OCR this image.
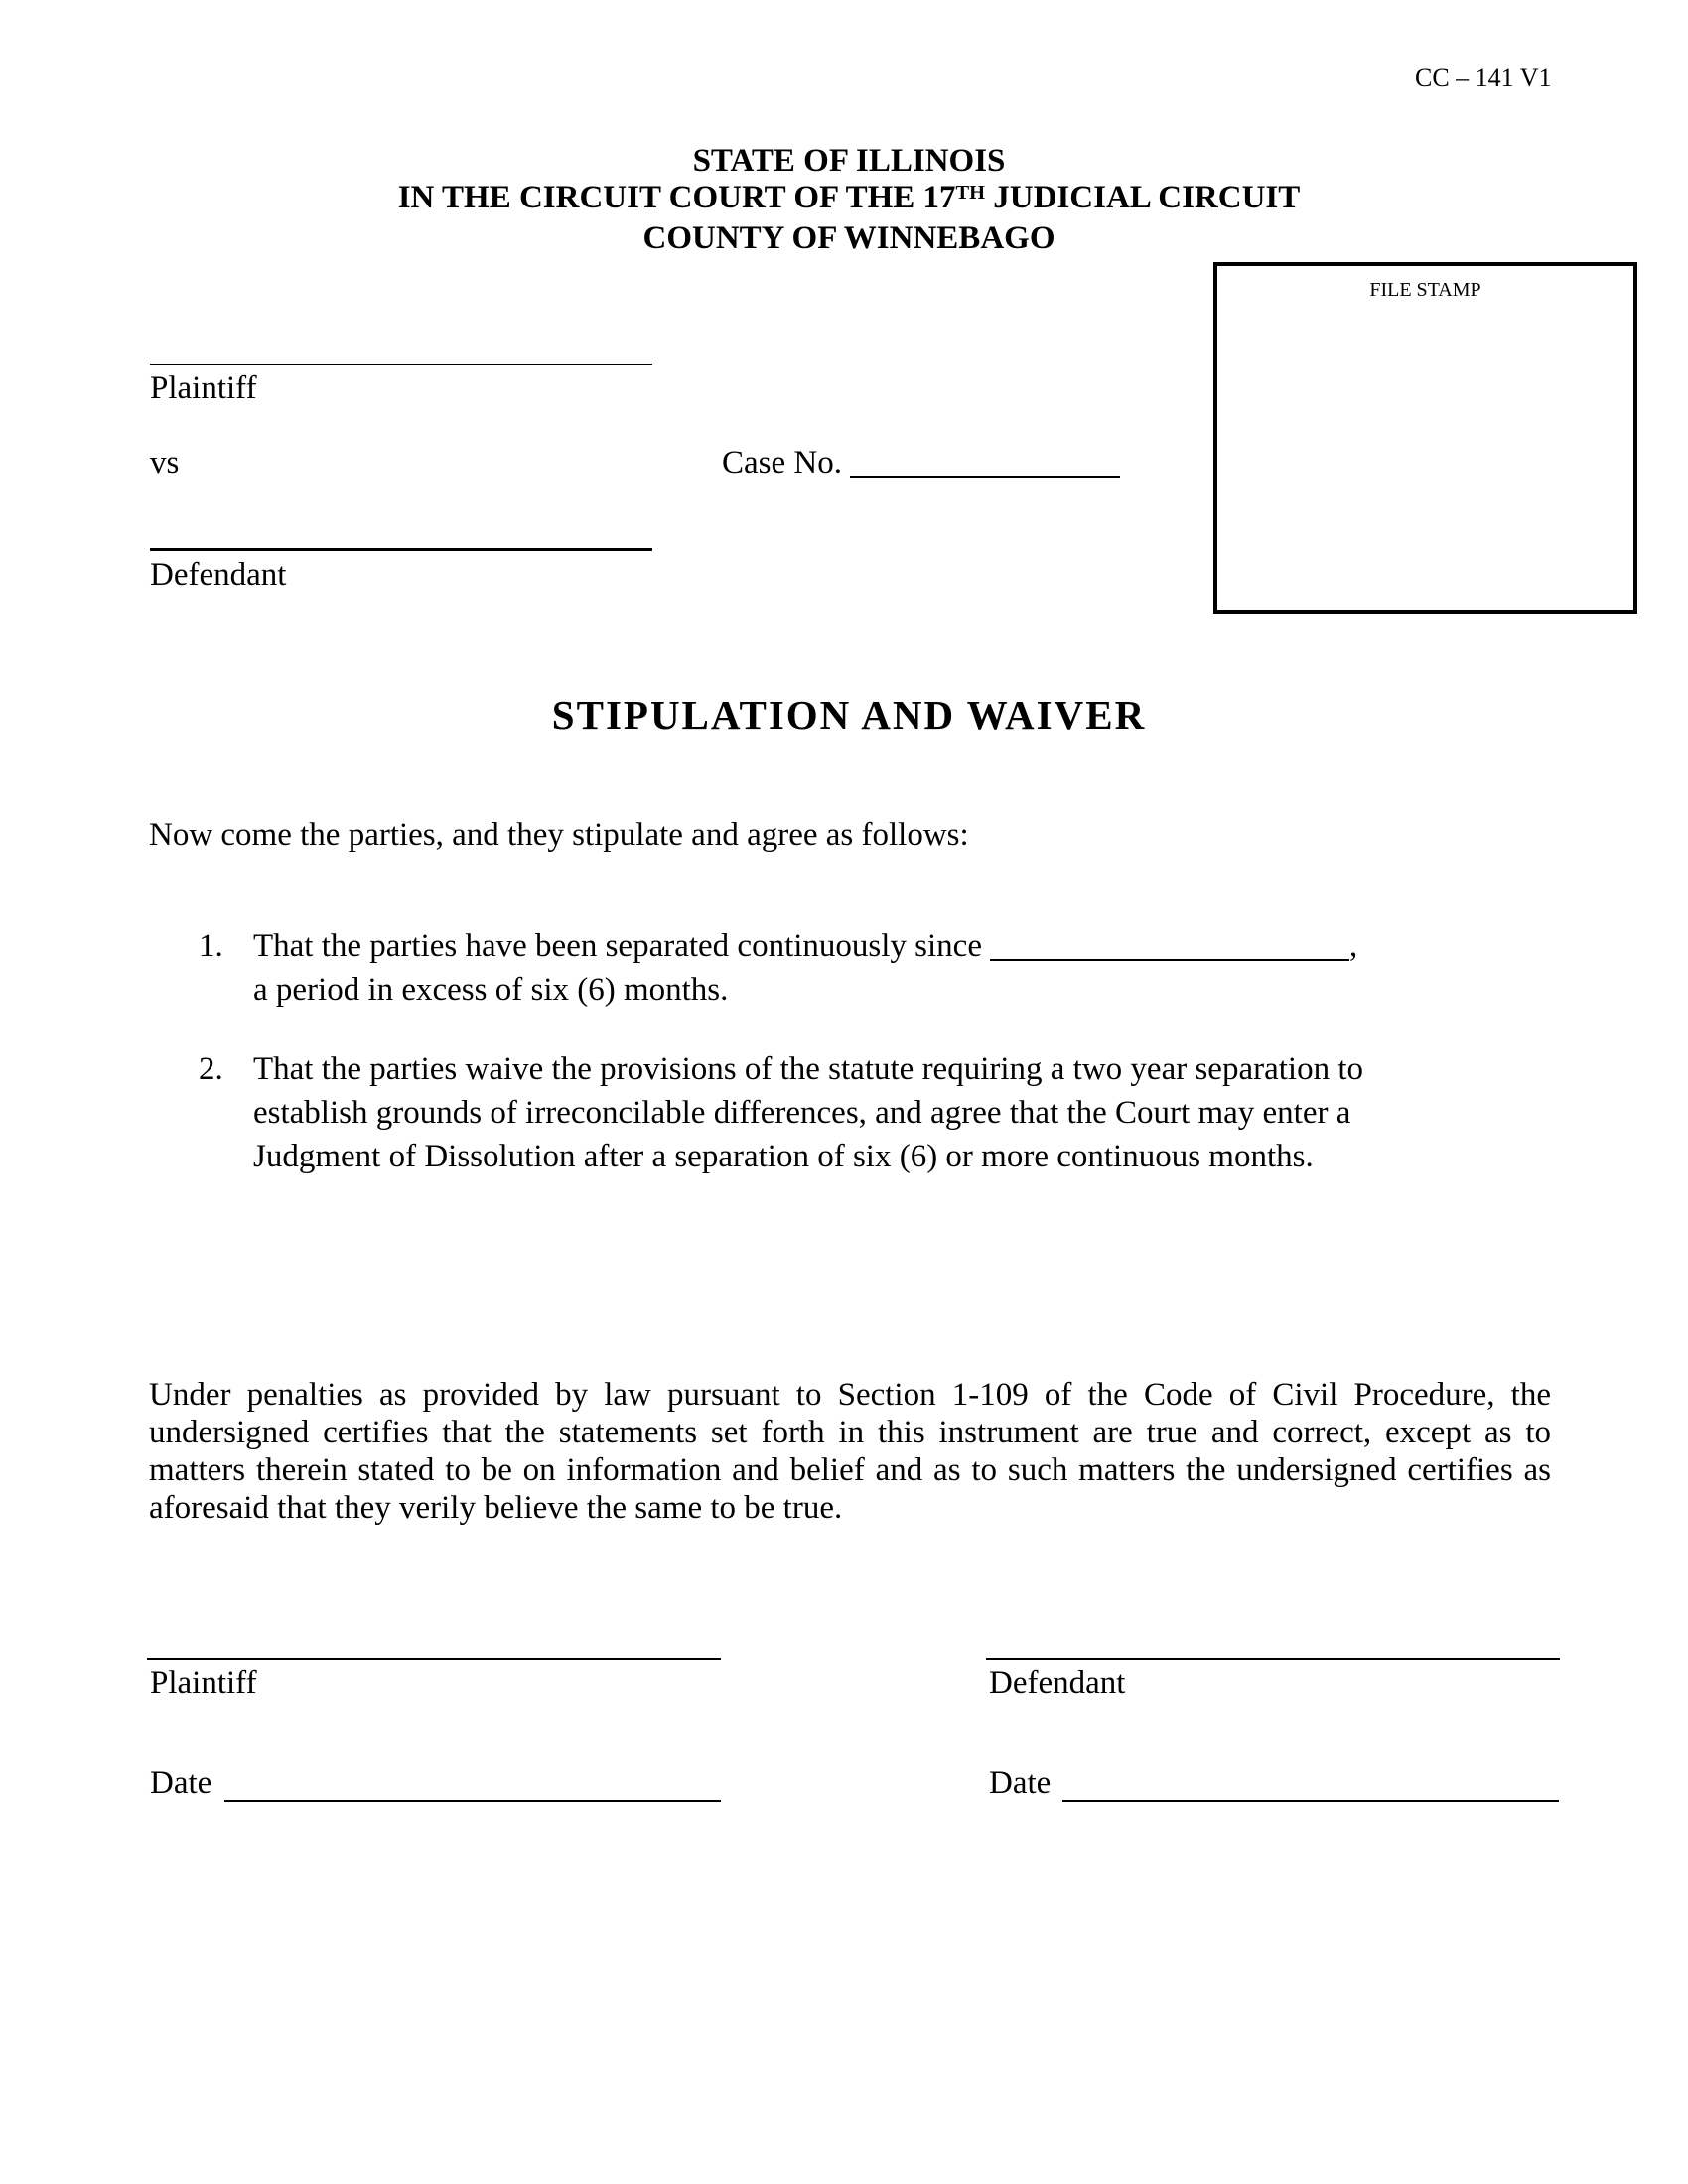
CC – 141 V1
STATE OF ILLINOIS
IN THE CIRCUIT COURT OF THE 17TH JUDICIAL CIRCUIT
COUNTY OF WINNEBAGO
FILE STAMP
Plaintiff
vs	Case No.
Defendant
STIPULATION AND WAIVER
Now come the parties, and they stipulate and agree as follows:
1. That the parties have been separated continuously since	, a period in excess of six (6) months.
2. That the parties waive the provisions of the statute requiring a two year separation to establish grounds of irreconcilable differences, and agree that the Court may enter a Judgment of Dissolution after a separation of six (6) or more continuous months.

Under penalties as provided by law pursuant to Section 1-109 of the Code of Civil Procedure, the undersigned certifies that the statements set forth in this instrument are true and correct, except as to matters therein stated to be on information and belief and as to such matters the undersigned certifies as aforesaid that they verily believe the same to be true.

Plaintiff	Defendant
Date	Date
